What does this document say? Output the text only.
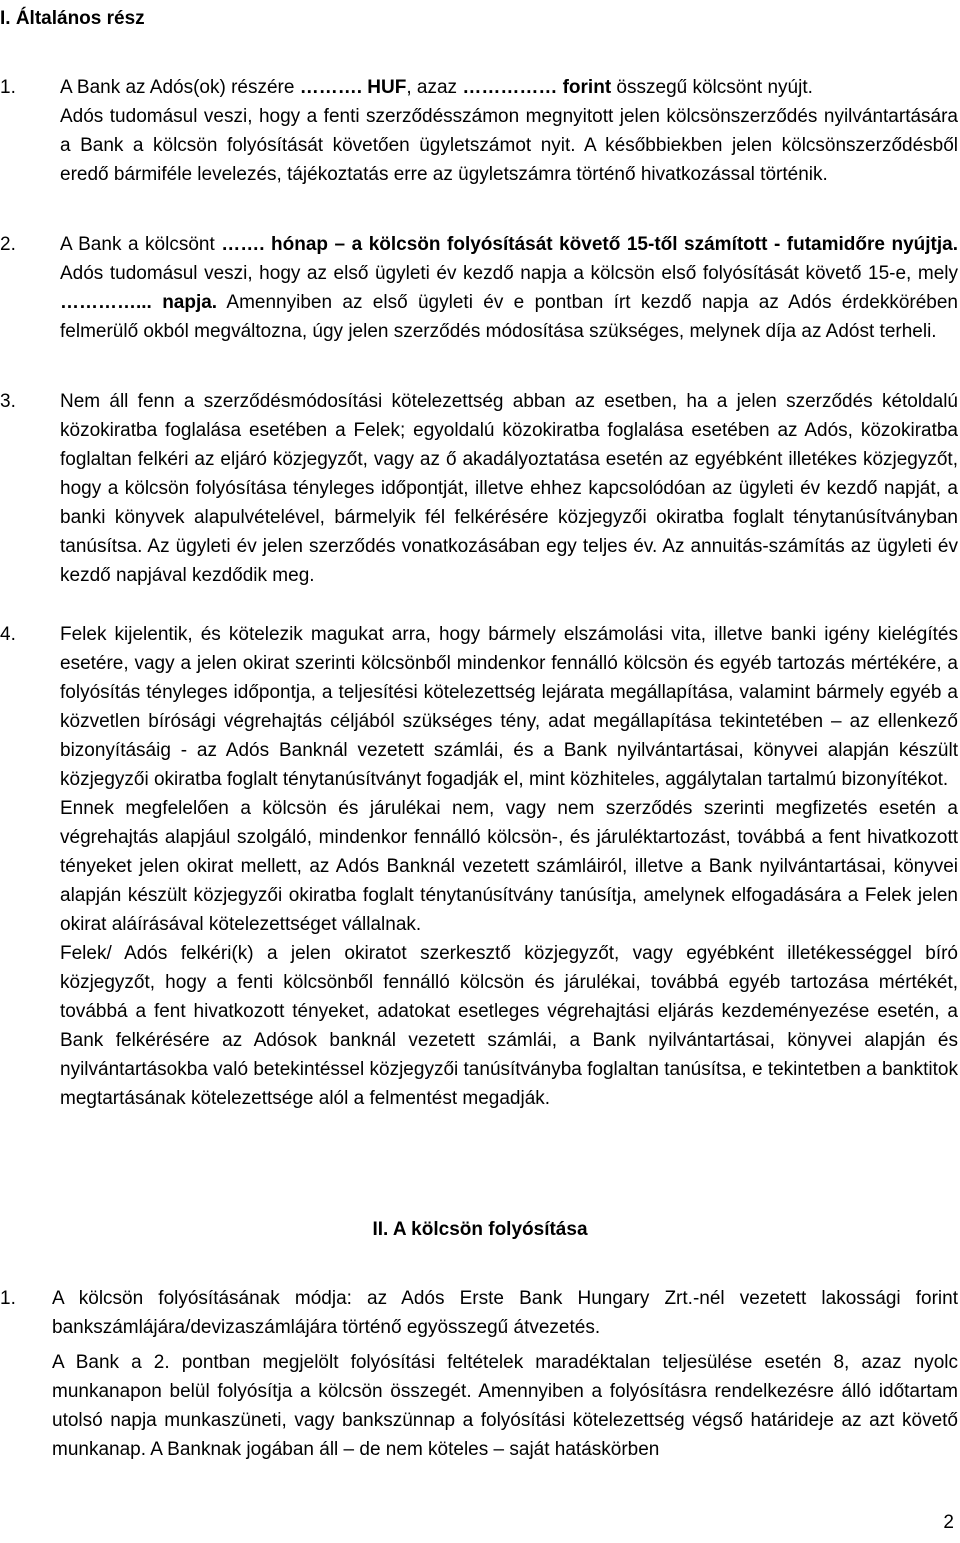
I. Általános rész
1. A Bank az Adós(ok) részére ………. HUF, azaz …………… forint összegű kölcsönt nyújt.

Adós tudomásul veszi, hogy a fenti szerződésszámon megnyitott jelen kölcsönszerződés nyilvántartására a Bank a kölcsön folyósítását követően ügyletszámot nyit. A későbbiekben jelen kölcsönszerződésből eredő bármiféle levelezés, tájékoztatás erre az ügyletszámra történő hivatkozással történik.

2. A Bank a kölcsönt ……. hónap – a kölcsön folyósítását követő 15-től számított - futamidőre nyújtja. Adós tudomásul veszi, hogy az első ügyleti év kezdő napja a kölcsön első folyósítását követő 15-e, mely …………... napja. Amennyiben az első ügyleti év e pontban írt kezdő napja az Adós érdekkörében felmerülő okból megváltozna, úgy jelen szerződés módosítása szükséges, melynek díja az Adóst terheli.

3. Nem áll fenn a szerződésmódosítási kötelezettség abban az esetben, ha a jelen szerződés kétoldalú közokiratba foglalása esetében a Felek; egyoldalú közokiratba foglalása esetében az Adós, közokiratba foglaltan felkéri az eljáró közjegyzőt, vagy az ő akadályoztatása esetén az egyébként illetékes közjegyzőt, hogy a kölcsön folyósítása tényleges időpontját, illetve ehhez kapcsolódóan az ügyleti év kezdő napját, a banki könyvek alapulvételével, bármelyik fél felkérésére közjegyzői okiratba foglalt ténytanúsítványban tanúsítsa. Az ügyleti év jelen szerződés vonatkozásában egy teljes év. Az annuitás-számítás az ügyleti év kezdő napjával kezdődik meg.

4. Felek kijelentik, és kötelezik magukat arra, hogy bármely elszámolási vita, illetve banki igény kielégítés esetére, vagy a jelen okirat szerinti kölcsönből mindenkor fennálló kölcsön és egyéb tartozás mértékére, a folyósítás tényleges időpontja, a teljesítési kötelezettség lejárata megállapítása, valamint bármely egyéb a közvetlen bírósági végrehajtás céljából szükséges tény, adat megállapítása tekintetében – az ellenkező bizonyításáig - az Adós Banknál vezetett számlái, és a Bank nyilvántartásai, könyvei alapján készült közjegyzői okiratba foglalt ténytanúsítványt fogadják el, mint közhiteles, aggálytalan tartalmú bizonyítékot.

Ennek megfelelően a kölcsön és járulékai nem, vagy nem szerződés szerinti megfizetés esetén a végrehajtás alapjául szolgáló, mindenkor fennálló kölcsön-, és járuléktartozást, továbbá a fent hivatkozott tényeket jelen okirat mellett, az Adós Banknál vezetett számláiról, illetve a Bank nyilvántartásai, könyvei alapján készült közjegyzői okiratba foglalt ténytanúsítvány tanúsítja, amelynek elfogadására a Felek jelen okirat aláírásával kötelezettséget vállalnak.

Felek/ Adós felkéri(k) a jelen okiratot szerkesztő közjegyzőt, vagy egyébként illetékességgel bíró közjegyzőt, hogy a fenti kölcsönből fennálló kölcsön és járulékai, továbbá egyéb tartozása mértékét, továbbá a fent hivatkozott tényeket, adatokat esetleges végrehajtási eljárás kezdeményezése esetén, a Bank felkérésére az Adósok banknál vezetett számlái, a Bank nyilvántartásai, könyvei alapján és nyilvántartásokba való betekintéssel közjegyzői tanúsítványba foglaltan tanúsítsa, e tekintetben a banktitok megtartásának kötelezettsége alól a felmentést megadják.

II. A kölcsön folyósítása
1. A kölcsön folyósításának módja: az Adós Erste Bank Hungary Zrt.-nél vezetett lakossági forint bankszámlájára/devizaszámlájára történő egyösszegű átvezetés.

A Bank a 2. pontban megjelölt folyósítási feltételek maradéktalan teljesülése esetén 8, azaz nyolc munkanapon belül folyósítja a kölcsön összegét. Amennyiben a folyósításra rendelkezésre álló időtartam utolsó napja munkaszüneti, vagy bankszünnap a folyósítási kötelezettség végső határideje az azt követő munkanap. A Banknak jogában áll – de nem köteles – saját hatáskörben

2
